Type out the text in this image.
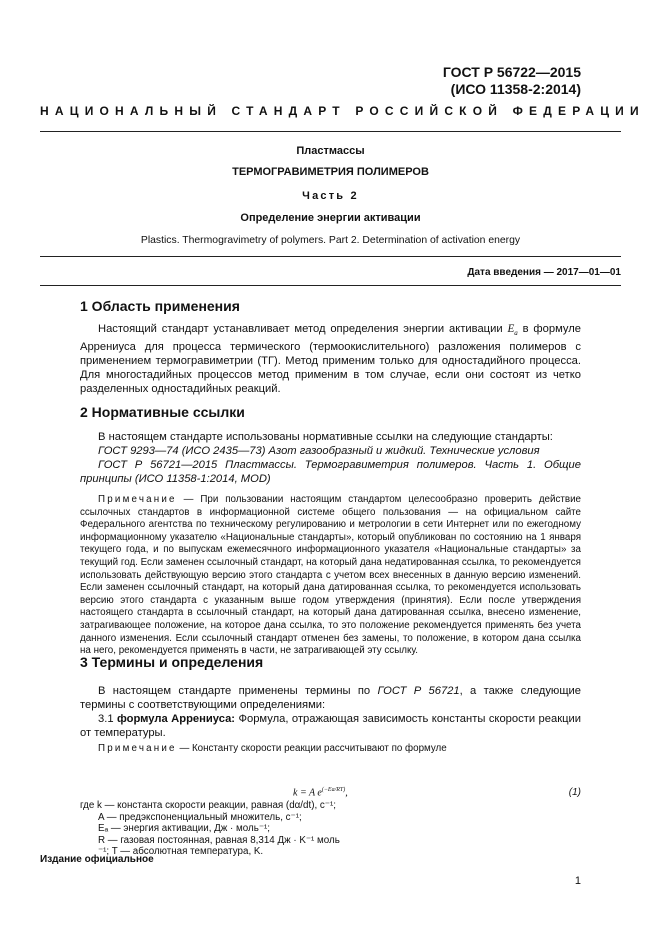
ГОСТ Р 56722—2015
(ИСО 11358-2:2014)
НАЦИОНАЛЬНЫЙ СТАНДАРТ РОССИЙСКОЙ ФЕДЕРАЦИИ
Пластмассы
ТЕРМОГРАВИМЕТРИЯ ПОЛИМЕРОВ
Часть 2
Определение энергии активации
Plastics. Thermogravimetry of polymers. Part 2. Determination of activation energy
Дата введения — 2017—01—01
1 Область применения

Настоящий стандарт устанавливает метод определения энергии активации $E_a$ в формуле Аррениуса для процесса термического (термоокислительного) разложения полимеров с применением термогравиметрии (ТГ). Метод применим только для одностадийного процесса. Для многостадийных процессов метод применим в том случае, если они состоят из четко разделенных одностадийных реакций.

2 Нормативные ссылки

В настоящем стандарте использованы нормативные ссылки на следующие стандарты:

ГОСТ 9293—74 (ИСО 2435—73) Азот газообразный и жидкий. Технические условия

ГОСТ Р 56721—2015 Пластмассы. Термогравиметрия полимеров. Часть 1. Общие принципы (ИСО 11358-1:2014, MOD)

Примечание — При пользовании настоящим стандартом целесообразно проверить действие ссылочных стандартов в информационной системе общего пользования — на официальном сайте Федерального агентства по техническому регулированию и метрологии в сети Интернет или по ежегодному информационному указателю «Национальные стандарты», который опубликован по состоянию на 1 января текущего года, и по выпускам ежемесячного информационного указателя «Национальные стандарты» за текущий год. Если заменен ссылочный стандарт, на который дана недатированная ссылка, то рекомендуется использовать действующую версию этого стандарта с учетом всех внесенных в данную версию изменений. Если заменен ссылочный стандарт, на который дана датированная ссылка, то рекомендуется использовать версию этого стандарта с указанным выше годом утверждения (принятия). Если после утверждения настоящего стандарта в ссылочный стандарт, на который дана датированная ссылка, внесено изменение, затрагивающее положение, на которое дана ссылка, то это положение рекомендуется применять без учета данного изменения. Если ссылочный стандарт отменен без замены, то положение, в котором дана ссылка на него, рекомендуется применять в части, не затрагивающей эту ссылку.

3 Термины и определения

В настоящем стандарте применены термины по ГОСТ Р 56721, а также следующие термины с соответствующими определениями:

3.1 формула Аррениуса: Формула, отражающая зависимость константы скорости реакции от температуры.

Примечание — Константу скорости реакции рассчитывают по формуле

k = A $e^{(-Ea/RT)}$,	(1)
где k — константа скорости реакции, равная (dα/dt), с⁻¹;
A — предэкспоненциальный множитель, с⁻¹;
Eₐ — энергия активации, Дж · моль⁻¹;
R — газовая постоянная, равная 8,314 Дж · K⁻¹ моль
⁻¹; T — абсолютная температура, K.
Издание официальное
1
